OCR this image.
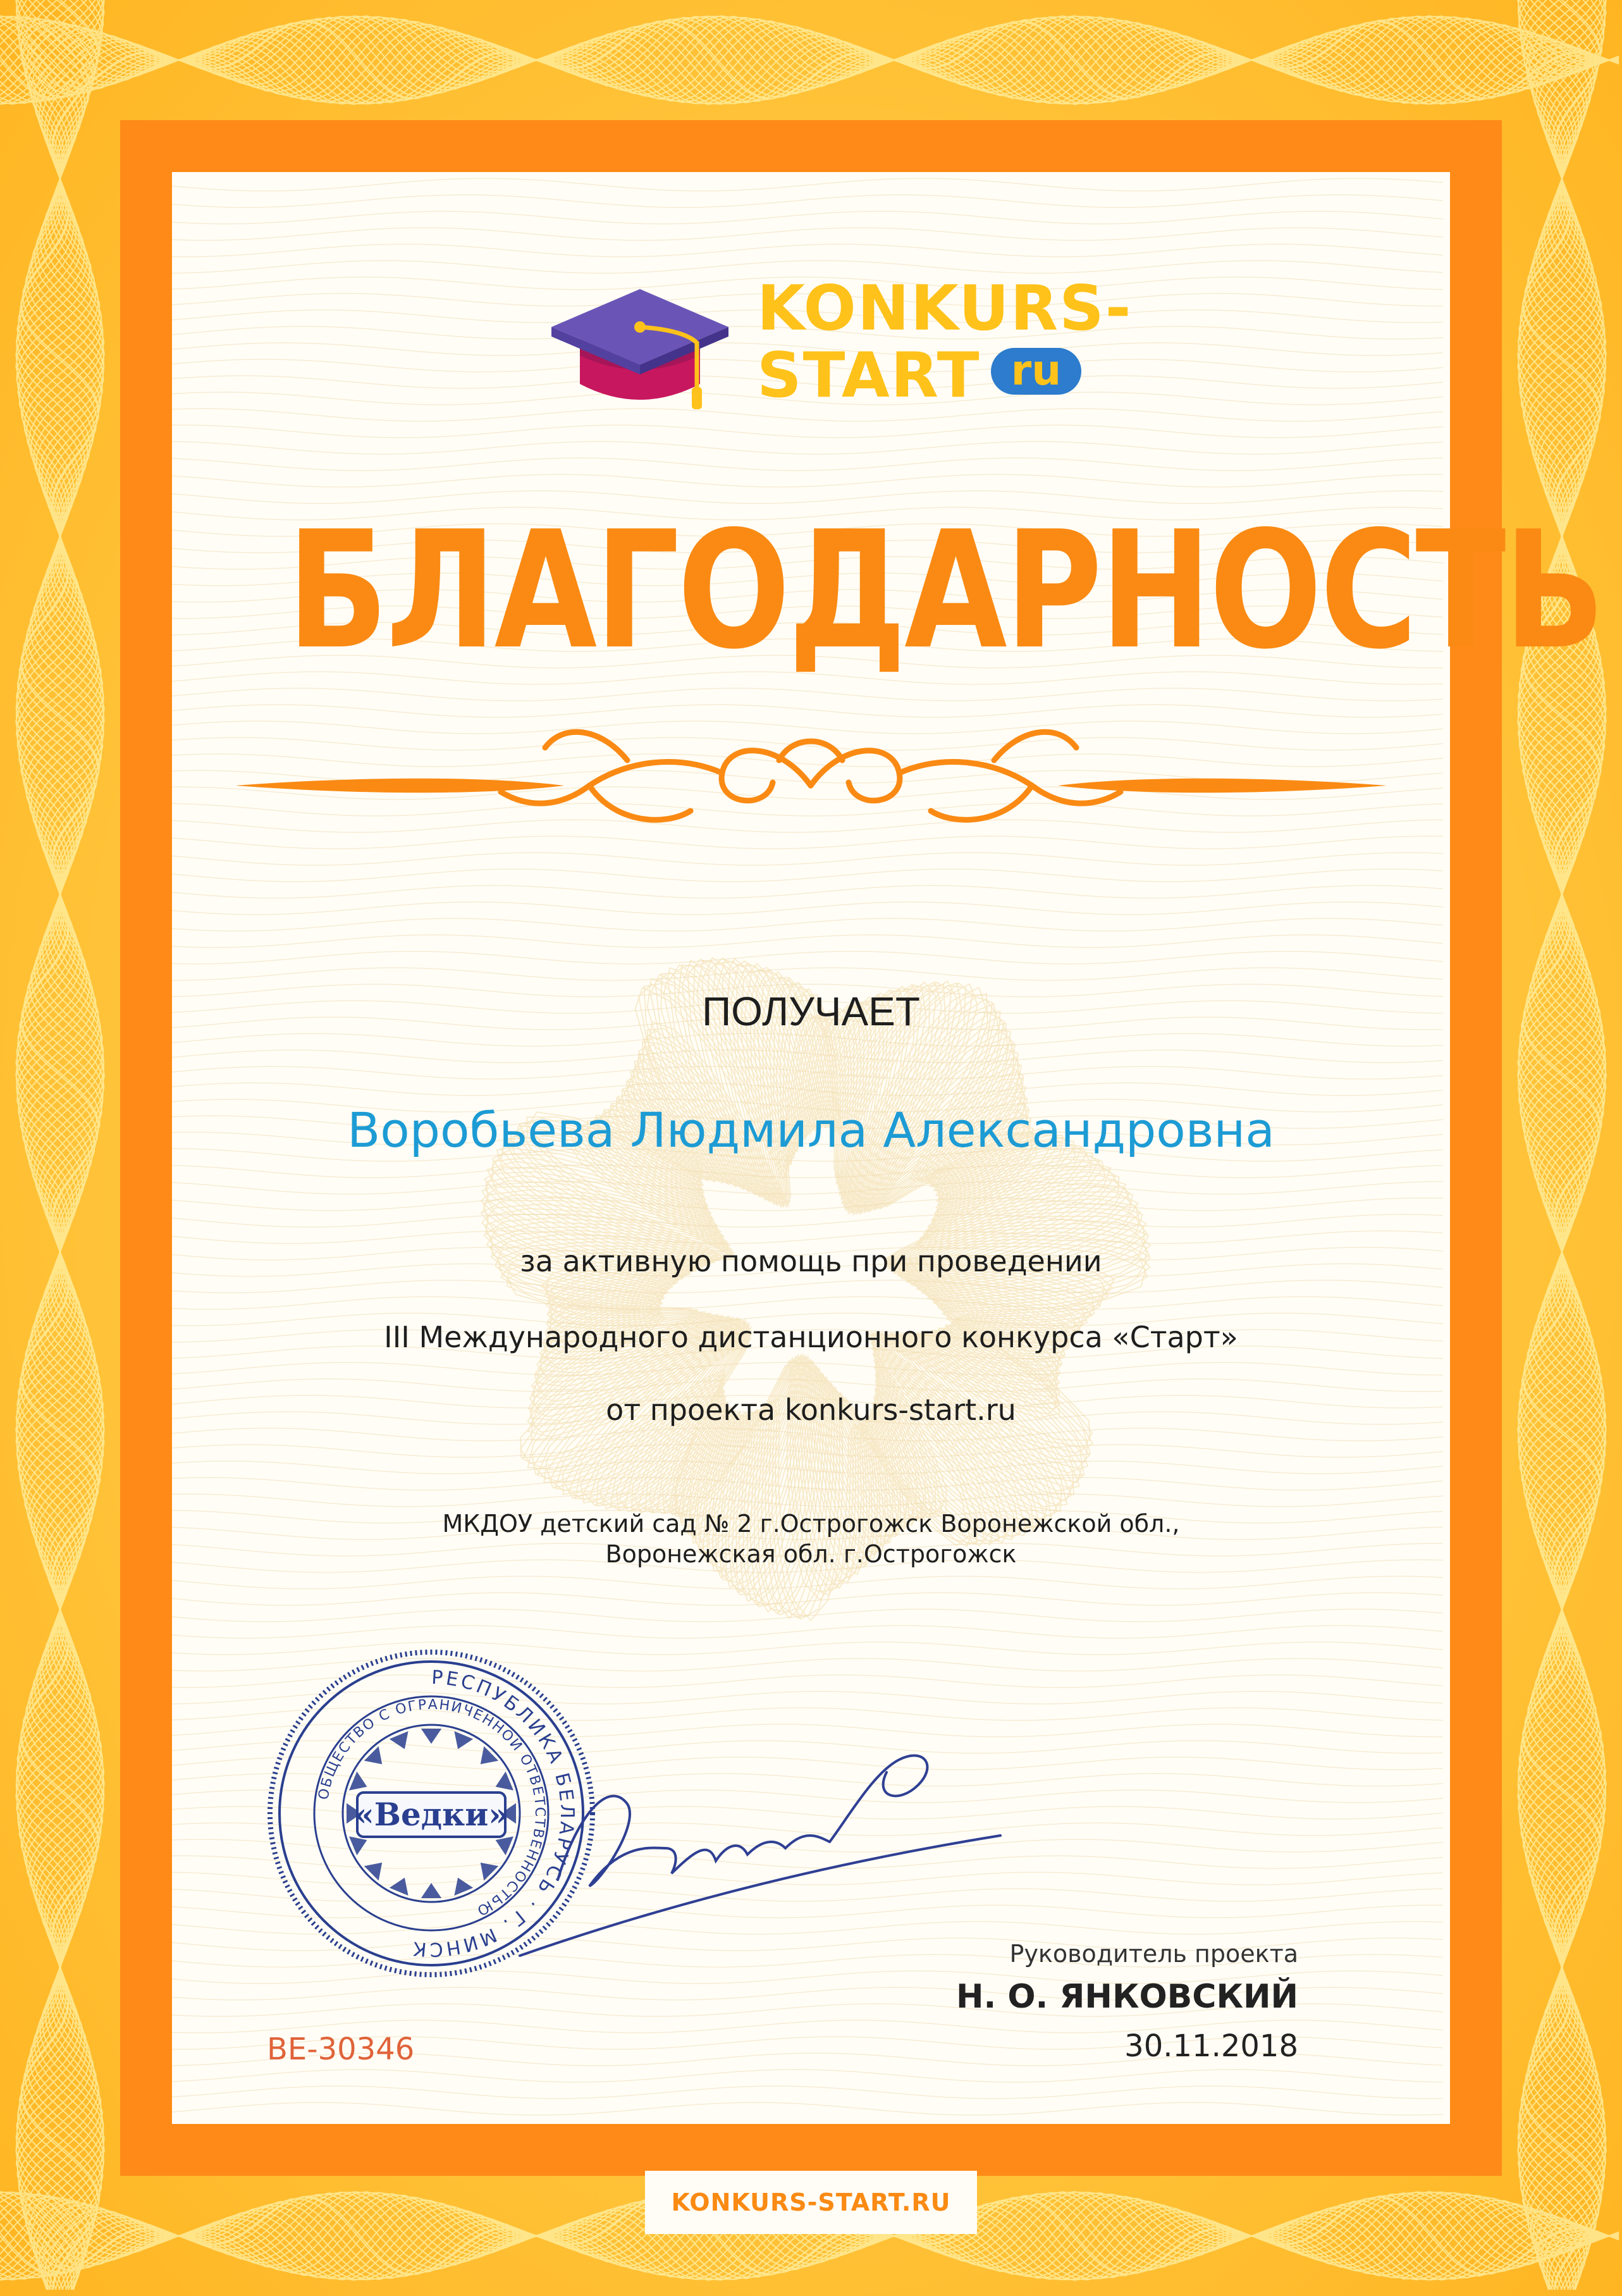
KONKURS-
START ru
БЛАГОДАРНОСТЬ
ПОЛУЧАЕТ
Воробьева Людмила Александровна
за активную помощь при проведении
III Международного дистанционного конкурса «Старт»
от проекта konkurs-start.ru
МКДОУ детский сад № 2 г.Острогожск Воронежской обл.,
Воронежская обл. г.Острогожск
РЕСПУБЛИКА БЕЛАРУСЬ · Г. МИНСК
ОБЩЕСТВО С ОГРАНИЧЕННОЙ ОТВЕТСТВЕННОСТЬЮ
«Ведки»
Руководитель проекта
Н. О. ЯНКОВСКИЙ
30.11.2018
BE-30346
KONKURS-START.RU
